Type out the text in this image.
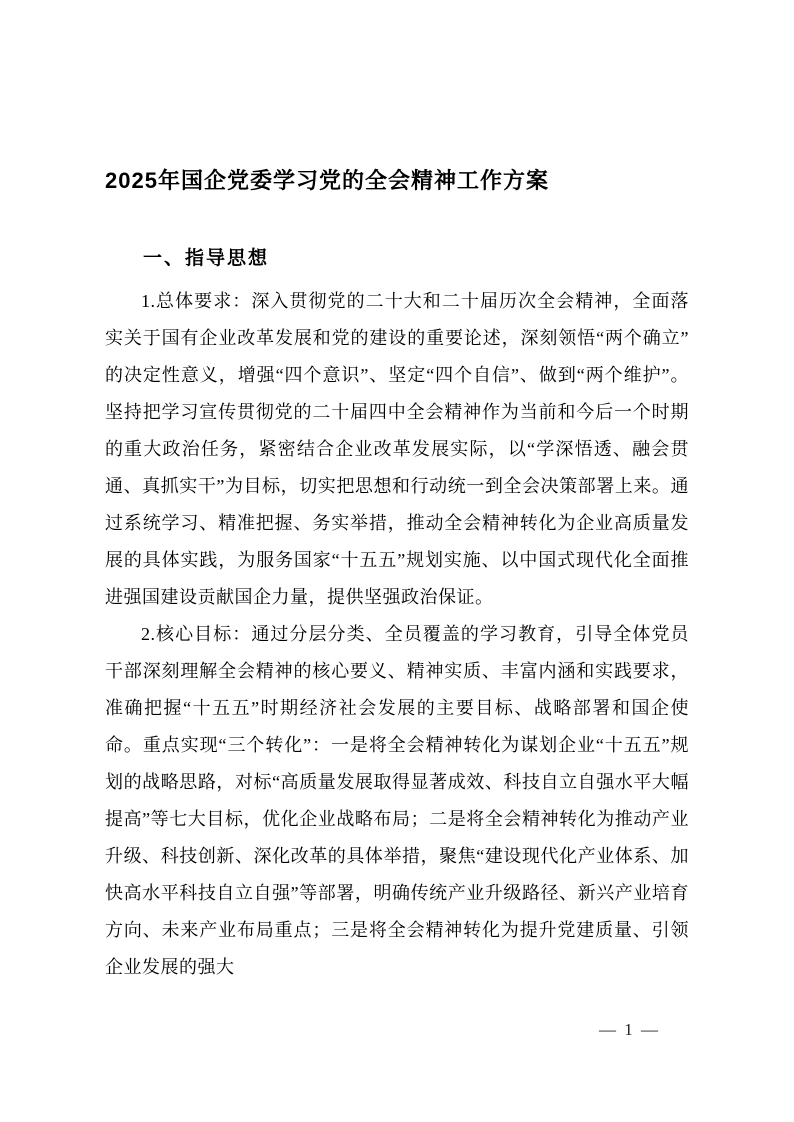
2025年国企党委学习党的全会精神工作方案
一、指导思想

1.总体要求：深入贯彻党的二十大和二十届历次全会精神，全面落实关于国有企业改革发展和党的建设的重要论述，深刻领悟“两个确立”的决定性意义，增强“四个意识”、坚定“四个自信”、做到“两个维护”。坚持把学习宣传贯彻党的二十届四中全会精神作为当前和今后一个时期的重大政治任务，紧密结合企业改革发展实际，以“学深悟透、融会贯通、真抓实干”为目标，切实把思想和行动统一到全会决策部署上来。通过系统学习、精准把握、务实举措，推动全会精神转化为企业高质量发展的具体实践，为服务国家“十五五”规划实施、以中国式现代化全面推进强国建设贡献国企力量，提供坚强政治保证。

2.核心目标：通过分层分类、全员覆盖的学习教育，引导全体党员干部深刻理解全会精神的核心要义、精神实质、丰富内涵和实践要求，准确把握“十五五”时期经济社会发展的主要目标、战略部署和国企使命。重点实现“三个转化”：一是将全会精神转化为谋划企业“十五五”规划的战略思路，对标“高质量发展取得显著成效、科技自立自强水平大幅提高”等七大目标，优化企业战略布局；二是将全会精神转化为推动产业升级、科技创新、深化改革的具体举措，聚焦“建设现代化产业体系、加快高水平科技自立自强”等部署，明确传统产业升级路径、新兴产业培育方向、未来产业布局重点；三是将全会精神转化为提升党建质量、引领企业发展的强大

— 1 —
